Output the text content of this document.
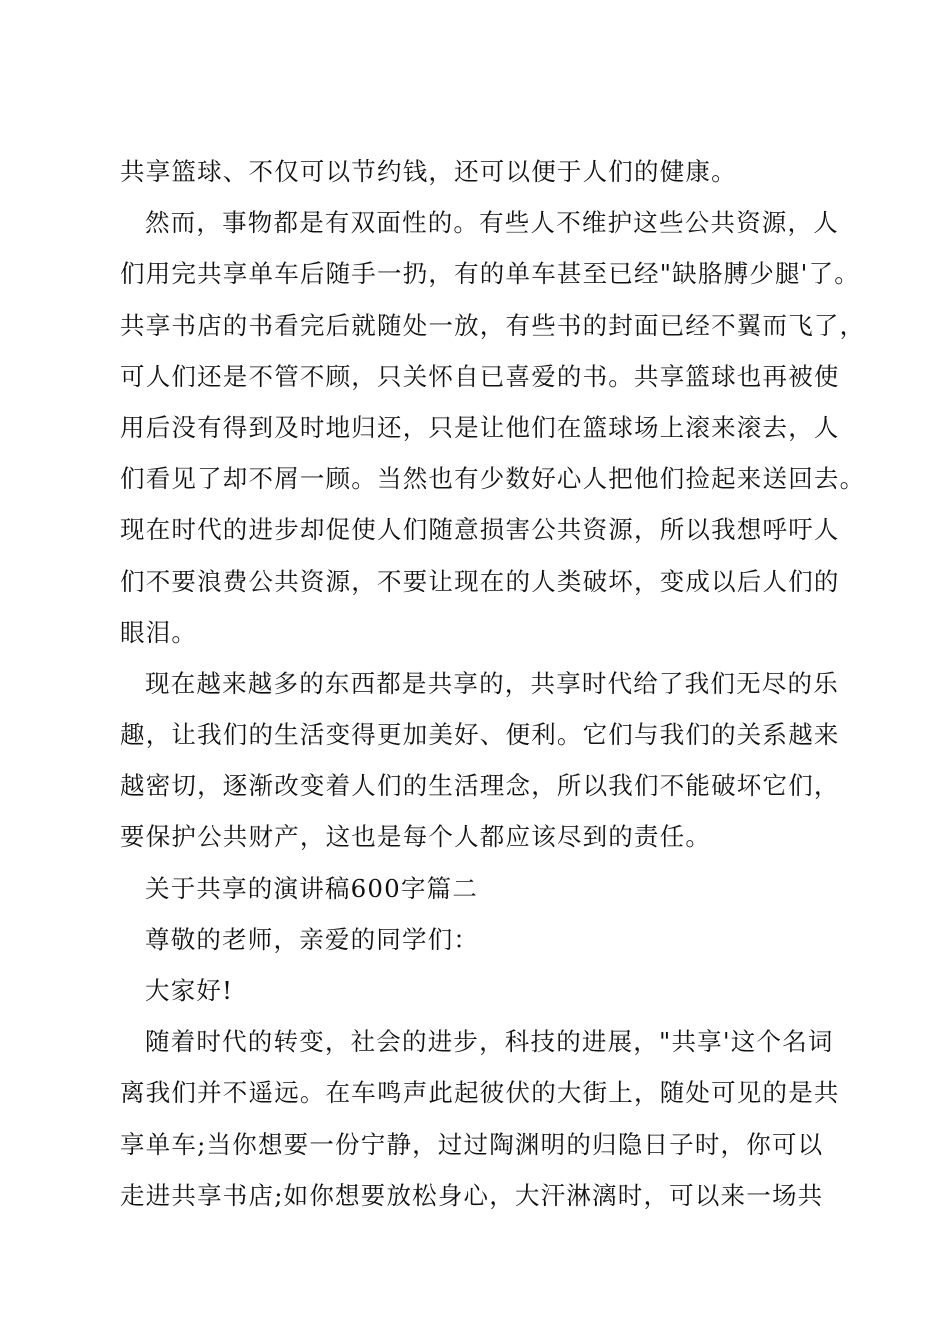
共享篮球、不仅可以节约钱，还可以便于人们的健康。
然而，事物都是有双面性的。有些人不维护这些公共资源，人
们用完共享单车后随手一扔，有的单车甚至已经"缺胳膊少腿'了。
共享书店的书看完后就随处一放，有些书的封面已经不翼而飞了，
可人们还是不管不顾，只关怀自已喜爱的书。共享篮球也再被使
用后没有得到及时地归还，只是让他们在篮球场上滚来滚去，人
们看见了却不屑一顾。当然也有少数好心人把他们捡起来送回去。
现在时代的进步却促使人们随意损害公共资源，所以我想呼吁人
们不要浪费公共资源，不要让现在的人类破坏，变成以后人们的
眼泪。
现在越来越多的东西都是共享的，共享时代给了我们无尽的乐
趣，让我们的生活变得更加美好、便利。它们与我们的关系越来
越密切，逐渐改变着人们的生活理念，所以我们不能破坏它们，
要保护公共财产，这也是每个人都应该尽到的责任。
关于共享的演讲稿600字篇二
尊敬的老师，亲爱的同学们：
大家好!
随着时代的转变，社会的进步，科技的进展，"共享'这个名词
离我们并不遥远。在车鸣声此起彼伏的大街上，随处可见的是共
享单车;当你想要一份宁静，过过陶渊明的归隐日子时，你可以
走进共享书店;如你想要放松身心，大汗淋漓时，可以来一场共
